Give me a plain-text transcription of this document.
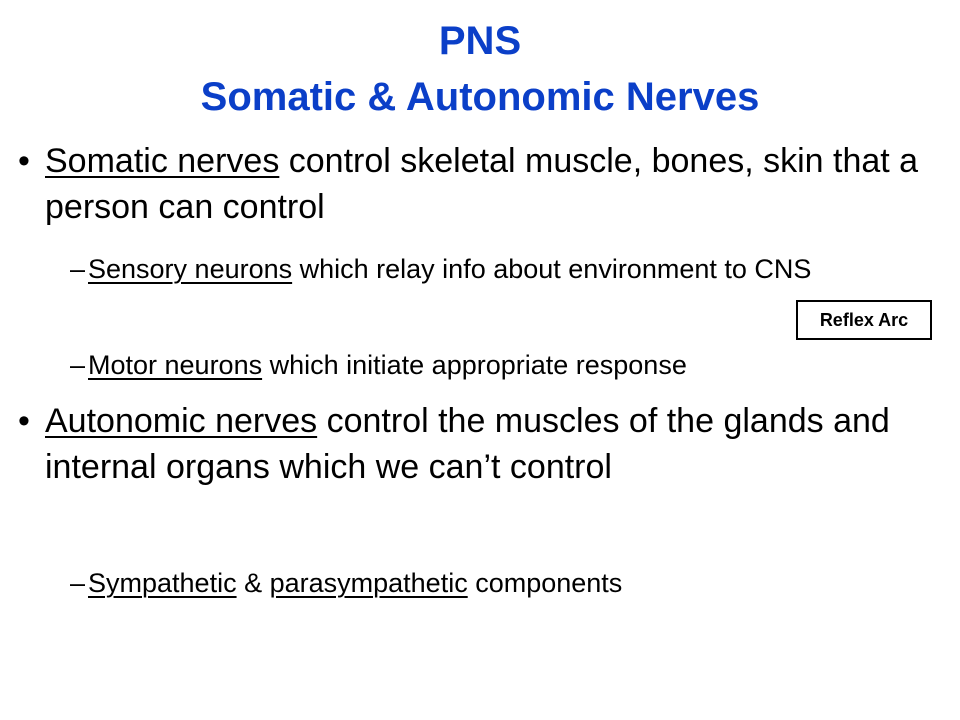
PNS
Somatic & Autonomic Nerves
• Somatic nerves control skeletal muscle, bones, skin that a person can control
– Sensory neurons which relay info about environment to CNS
– Motor neurons which initiate appropriate response
• Autonomic nerves control the muscles of the glands and internal organs which we can’t control
– Sympathetic & parasympathetic components
Reflex Arc
